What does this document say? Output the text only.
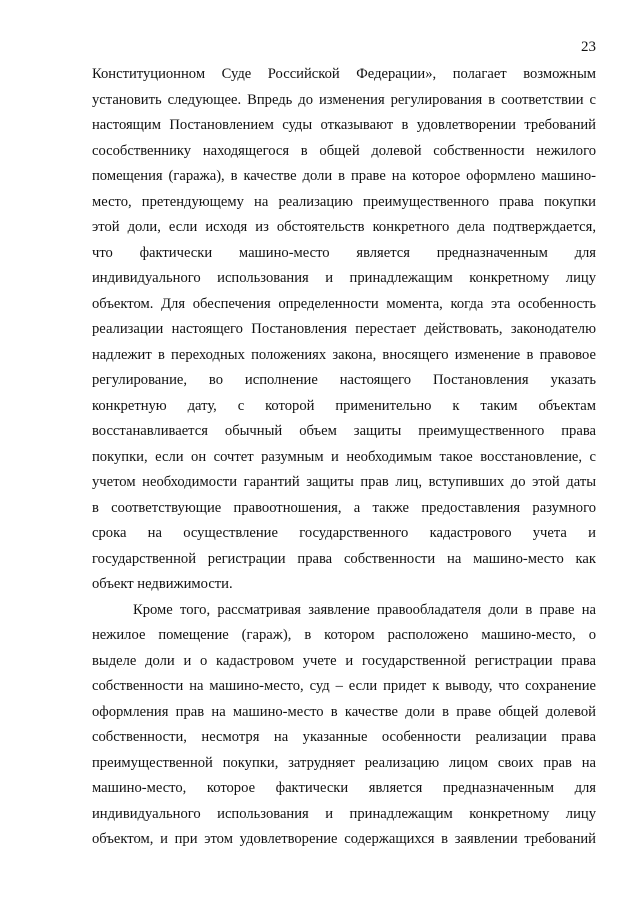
23
Конституционном Суде Российской Федерации», полагает возможным
установить следующее. Впредь до изменения регулирования в соответствии с
настоящим Постановлением суды отказывают в удовлетворении требований
сособственнику находящегося в общей долевой собственности нежилого
помещения (гаража), в качестве доли в праве на которое оформлено машино-
место, претендующему на реализацию преимущественного права покупки
этой доли, если исходя из обстоятельств конкретного дела подтверждается,
что фактически машино-место является предназначенным для
индивидуального использования и принадлежащим конкретному лицу
объектом. Для обеспечения определенности момента, когда эта особенность
реализации настоящего Постановления перестает действовать, законодателю
надлежит в переходных положениях закона, вносящего изменение в правовое
регулирование, во исполнение настоящего Постановления указать
конкретную дату, с которой применительно к таким объектам
восстанавливается обычный объем защиты преимущественного права
покупки, если он сочтет разумным и необходимым такое восстановление, с
учетом необходимости гарантий защиты прав лиц, вступивших до этой даты
в соответствующие правоотношения, а также предоставления разумного
срока на осуществление государственного кадастрового учета и
государственной регистрации права собственности на машино-место как
объект недвижимости.
Кроме того, рассматривая заявление правообладателя доли в праве на
нежилое помещение (гараж), в котором расположено машино-место, о
выделе доли и о кадастровом учете и государственной регистрации права
собственности на машино-место, суд – если придет к выводу, что сохранение
оформления прав на машино-место в качестве доли в праве общей долевой
собственности, несмотря на указанные особенности реализации права
преимущественной покупки, затрудняет реализацию лицом своих прав на
машино-место, которое фактически является предназначенным для
индивидуального использования и принадлежащим конкретному лицу
объектом, и при этом удовлетворение содержащихся в заявлении требований
